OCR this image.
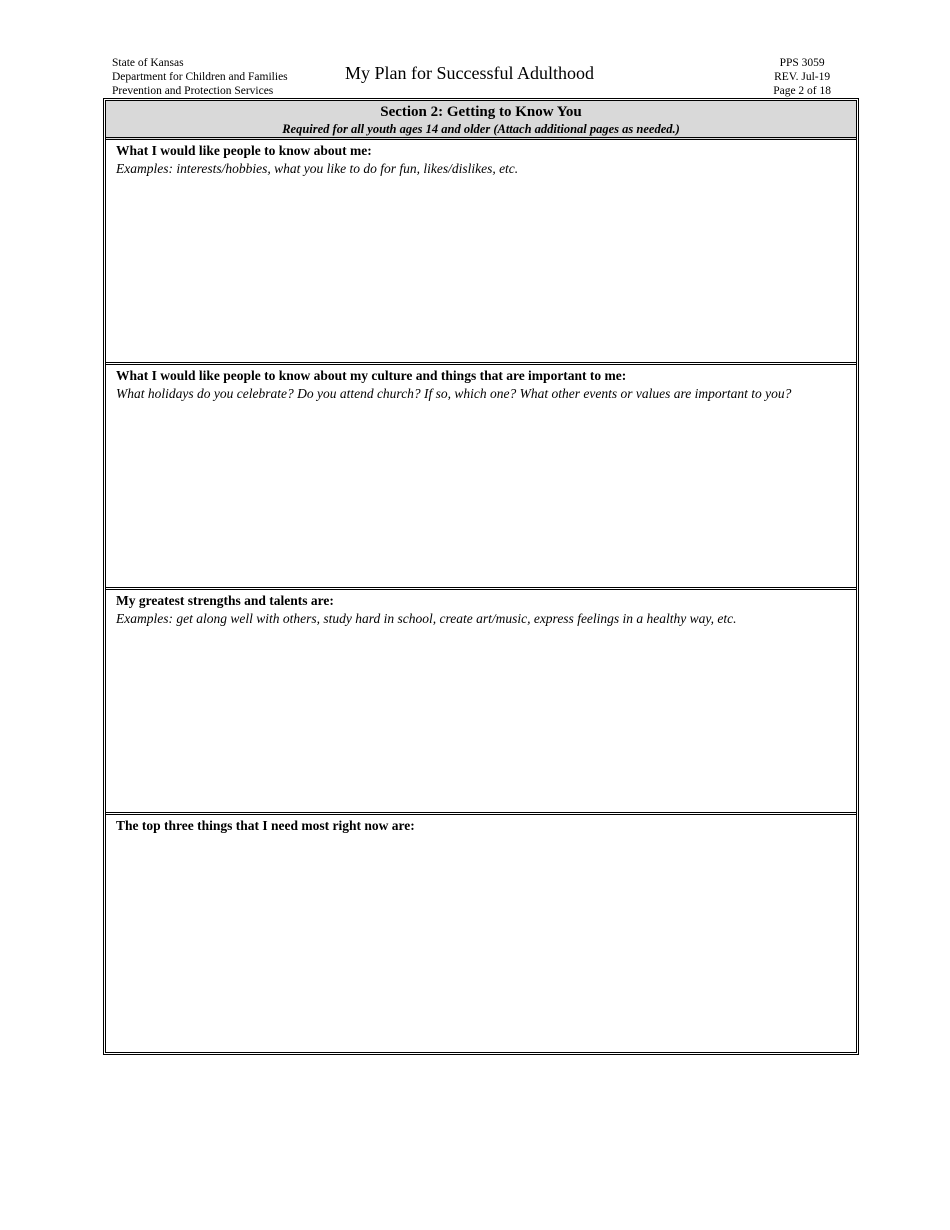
State of Kansas
Department for Children and Families
Prevention and Protection Services
My Plan for Successful Adulthood	PPS 3059
REV. Jul-19
Page 2 of 18
Section 2: Getting to Know You
Required for all youth ages 14 and older (Attach additional pages as needed.)
What I would like people to know about me:
Examples: interests/hobbies, what you like to do for fun, likes/dislikes, etc.
What I would like people to know about my culture and things that are important to me:
What holidays do you celebrate? Do you attend church? If so, which one? What other events or values are important to you?
My greatest strengths and talents are:
Examples: get along well with others, study hard in school, create art/music, express feelings in a healthy way, etc.
The top three things that I need most right now are:
